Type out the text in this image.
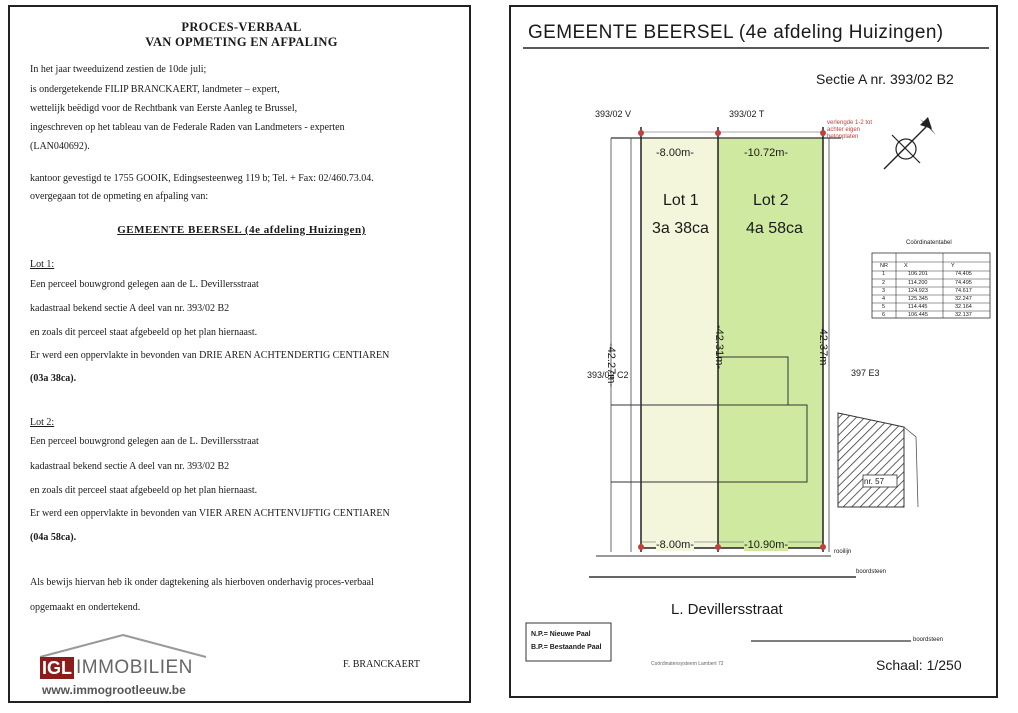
PROCES-VERBAAL
VAN OPMETING EN AFPALING
In het jaar tweeduizend zestien de 10de juli;
is ondergetekende FILIP BRANCKAERT, landmeter – expert,
wettelijk beëdigd voor de Rechtbank van Eerste Aanleg te Brussel,
ingeschreven op het tableau van de Federale Raden van Landmeters - experten
(LAN040692).
kantoor gevestigd te 1755 GOOIK, Edingsesteenweg 119 b; Tel. + Fax: 02/460.73.04.
overgegaan tot de opmeting en afpaling van:
GEMEENTE BEERSEL (4e afdeling Huizingen)
Lot 1:
Een perceel bouwgrond gelegen aan de L. Devillersstraat
kadastraal bekend sectie A deel van nr. 393/02 B2
en zoals dit perceel staat afgebeeld op het plan hiernaast.
Er werd een oppervlakte in bevonden van DRIE AREN ACHTENDERTIG CENTIAREN
(03a 38ca).
Lot 2:
Een perceel bouwgrond gelegen aan de L. Devillersstraat
kadastraal bekend sectie A deel van nr. 393/02 B2
en zoals dit perceel staat afgebeeld op het plan hiernaast.
Er werd een oppervlakte in bevonden van VIER AREN ACHTENVIJFTIG CENTIAREN
(04a 58ca).
Als bewijs hiervan heb ik onder dagtekening als hierboven onderhavig proces-verbaal
opgemaakt en ondertekend.
F. BRANCKAERT
IGL IMMOBILIEN
www.immogrootleeuw.be
GEMEENTE BEERSEL (4e afdeling Huizingen)
Sectie A nr. 393/02 B2
393/02 V	393/02 T
verlengde 1-2 tot achter eigen betonplaten
-8.00m-	-10.72m-
Lot 1
3a 38ca
Lot 2
4a 58ca
-42.27m-	-42.31m-	-42.37m-
393/02 C2	397 E3
nr. 57
-8.00m-	-10.90m-
rooilijn
boordsteen
boordsteen
L. Devillersstraat
N.P.= Nieuwe Paal
B.P.= Bestaande Paal
Coördinatensysteem Lambert 72	Schaal: 1/250
Coördinatentabel
NR	X	Y
1	106.201	74.405
2	114.200	74.495
3	124.923	74.617
4	125.345	32.247
5	114.445	32.164
6	106.445	32.137
